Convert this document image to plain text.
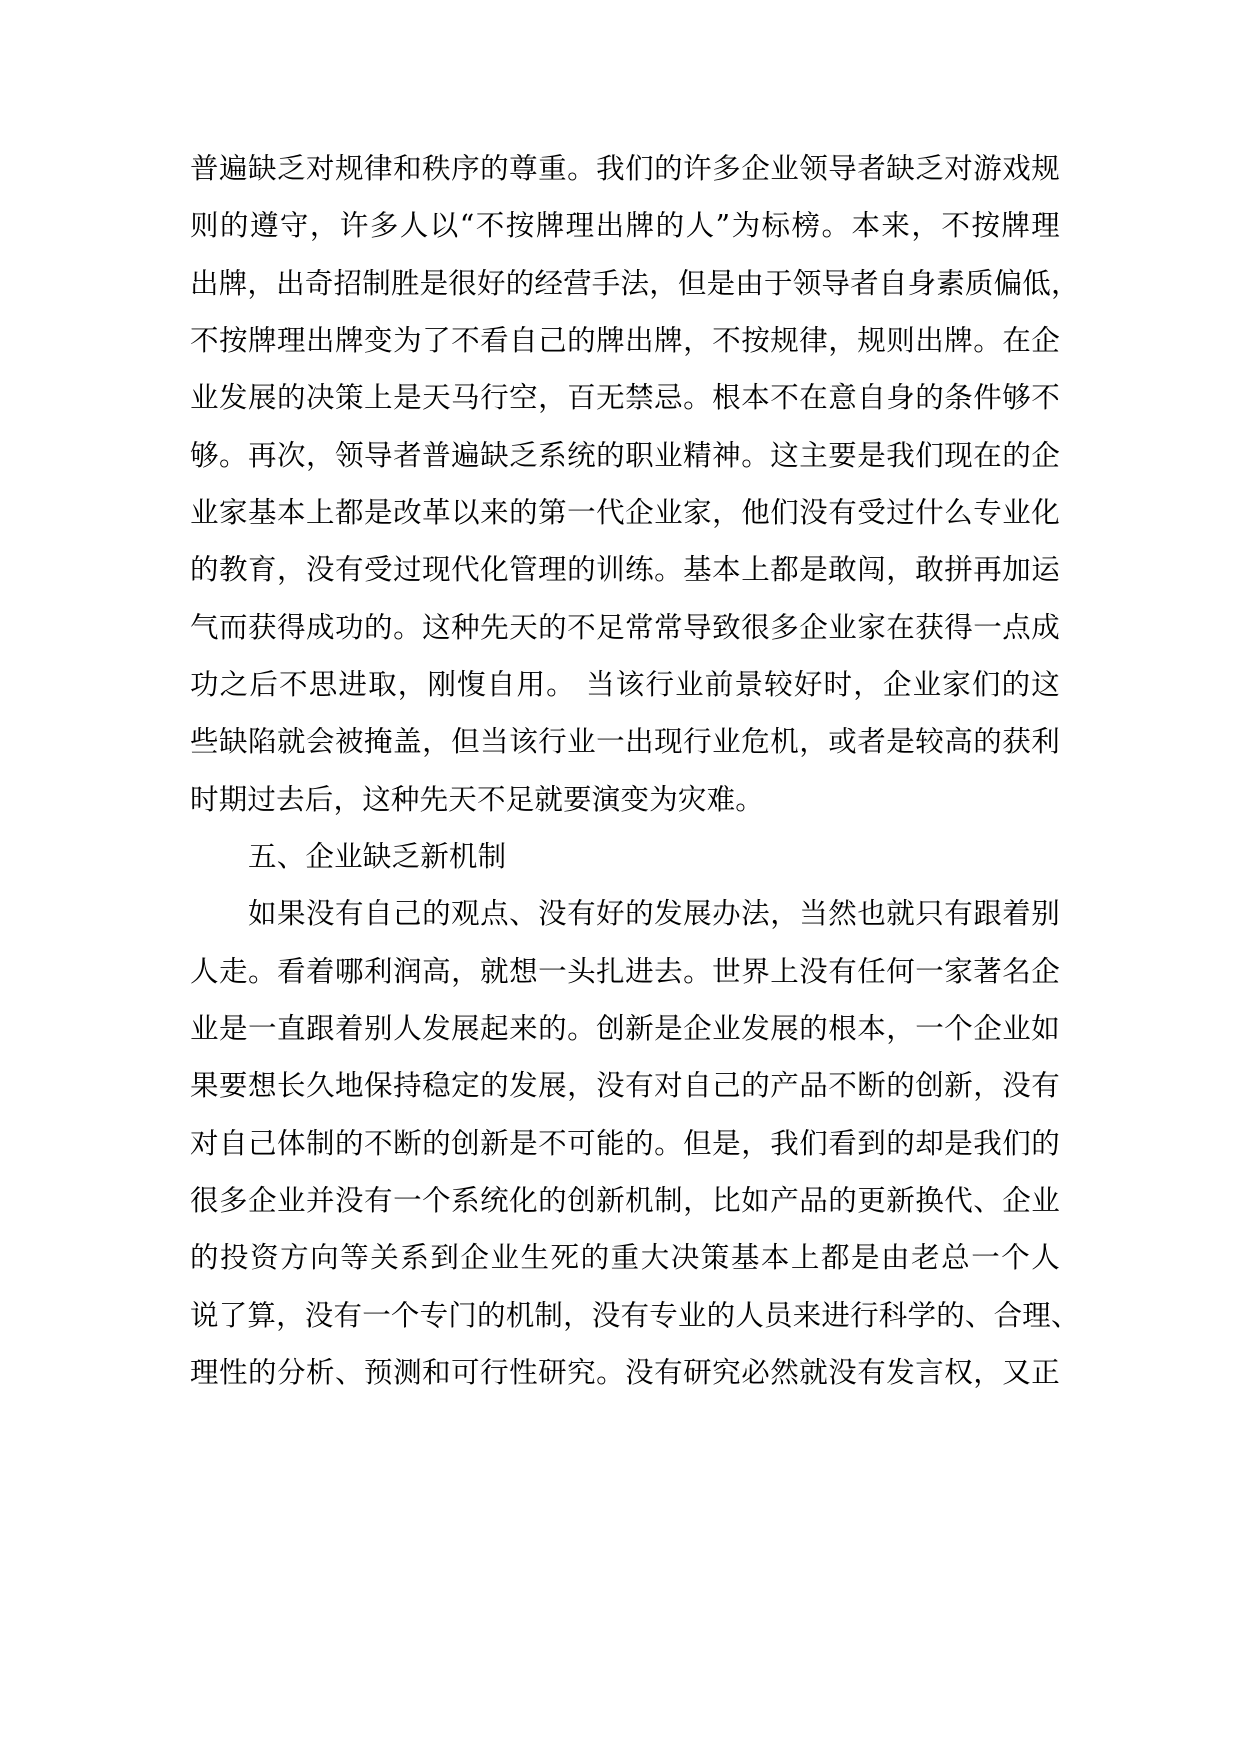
普遍缺乏对规律和秩序的尊重。我们的许多企业领导者缺乏对游戏规
则的遵守，许多人以“不按牌理出牌的人”为标榜。本来，不按牌理
出牌，出奇招制胜是很好的经营手法，但是由于领导者自身素质偏低，
不按牌理出牌变为了不看自己的牌出牌，不按规律，规则出牌。在企
业发展的决策上是天马行空，百无禁忌。根本不在意自身的条件够不
够。再次，领导者普遍缺乏系统的职业精神。这主要是我们现在的企
业家基本上都是改革以来的第一代企业家，他们没有受过什么专业化
的教育，没有受过现代化管理的训练。基本上都是敢闯，敢拼再加运
气而获得成功的。这种先天的不足常常导致很多企业家在获得一点成
功之后不思进取，刚愎自用。 当该行业前景较好时，企业家们的这
些缺陷就会被掩盖，但当该行业一出现行业危机，或者是较高的获利
时期过去后，这种先天不足就要演变为灾难。
五、企业缺乏新机制
如果没有自己的观点、没有好的发展办法，当然也就只有跟着别
人走。看着哪利润高，就想一头扎进去。世界上没有任何一家著名企
业是一直跟着别人发展起来的。创新是企业发展的根本，一个企业如
果要想长久地保持稳定的发展，没有对自己的产品不断的创新，没有
对自己体制的不断的创新是不可能的。但是，我们看到的却是我们的
很多企业并没有一个系统化的创新机制，比如产品的更新换代、企业
的投资方向等关系到企业生死的重大决策基本上都是由老总一个人
说了算，没有一个专门的机制，没有专业的人员来进行科学的、合理、
理性的分析、预测和可行性研究。没有研究必然就没有发言权，又正
